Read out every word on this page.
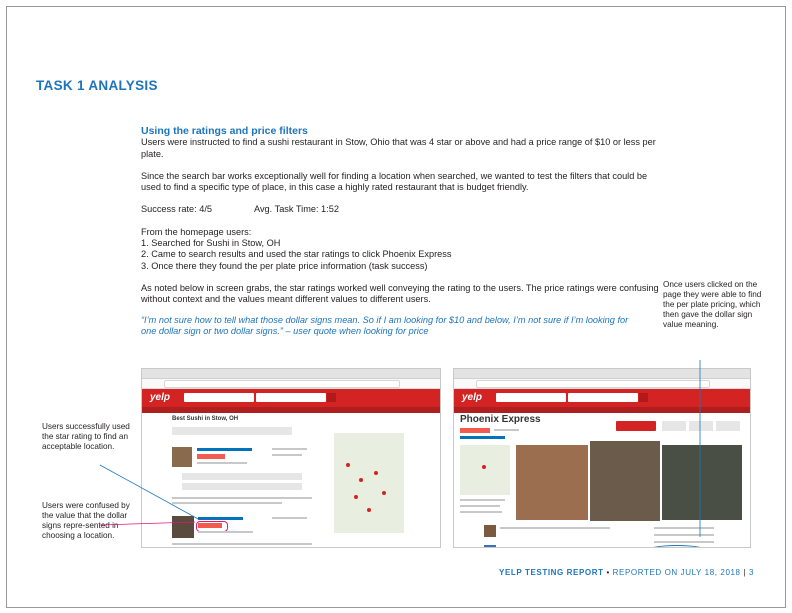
TASK 1 ANALYSIS

Using the ratings and price filters

Users were instructed to find a sushi restaurant in Stow, Ohio that was 4 star or above and had a price range of $10 or less per plate.

Since the search bar works exceptionally well for finding a location when searched, we wanted to test the filters that could be used to find a specific type of place, in this case a highly rated restaurant that is budget friendly.

Success rate: 4/5	Avg. Task Time: 1:52

From the homepage users:

1. Searched for Sushi in Stow, OH

2. Came to search results and used the star ratings to click Phoenix Express

3. Once there they found the per plate price information (task success)

As noted below in screen grabs, the star ratings worked well conveying the rating to the users. The price ratings were confusing without context and the values meant different values to different users.

“I’m not sure how to tell what those dollar signs mean. So if I am looking for $10 and below, I’m not sure if I’m looking for one dollar sign or two dollar signs.” – user quote when looking for price

Once users clicked on the page they were able to find the per plate pricing, which then gave the dollar sign value meaning.
Users successfully used the star rating to find an acceptable location.
Users were confused by the value that the dollar signs repre-sented in choosing a location.
yelp
Best Sushi in Stow, OH
yelp
Phoenix Express
YELP TESTING REPORT • REPORTED ON JULY 18, 2018 | 3
